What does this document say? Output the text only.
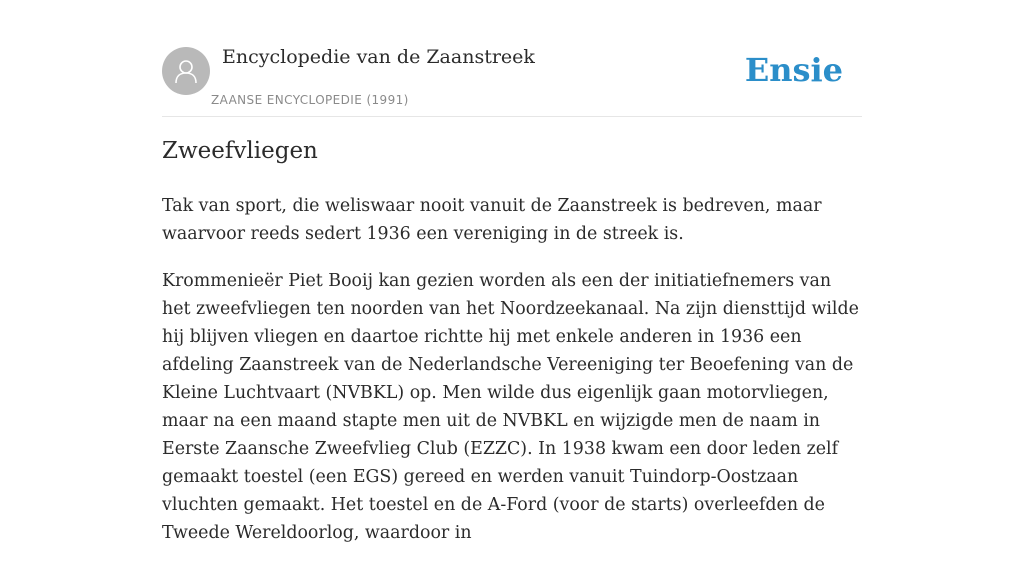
Encyclopedie van de Zaanstreek
ZAANSE ENCYCLOPEDIE (1991)
Ensie
Zweefvliegen

Tak van sport, die weliswaar nooit vanuit de Zaanstreek is bedreven, maar waarvoor reeds sedert 1936 een vereniging in de streek is.

Krommenieër Piet Booij kan gezien worden als een der initiatiefnemers van het zweefvliegen ten noorden van het Noordzeekanaal. Na zijn diensttijd wilde hij blijven vliegen en daartoe richtte hij met enkele anderen in 1936 een afdeling Zaanstreek van de Nederlandsche Vereeniging ter Beoefening van de Kleine Luchtvaart (NVBKL) op. Men wilde dus eigenlijk gaan motorvliegen, maar na een maand stapte men uit de NVBKL en wijzigde men de naam in Eerste Zaansche Zweefvlieg Club (EZZC). In 1938 kwam een door leden zelf gemaakt toestel (een EGS) gereed en werden vanuit Tuindorp-Oostzaan vluchten gemaakt. Het toestel en de A-Ford (voor de starts) overleefden de Tweede Wereldoorlog, waardoor in
